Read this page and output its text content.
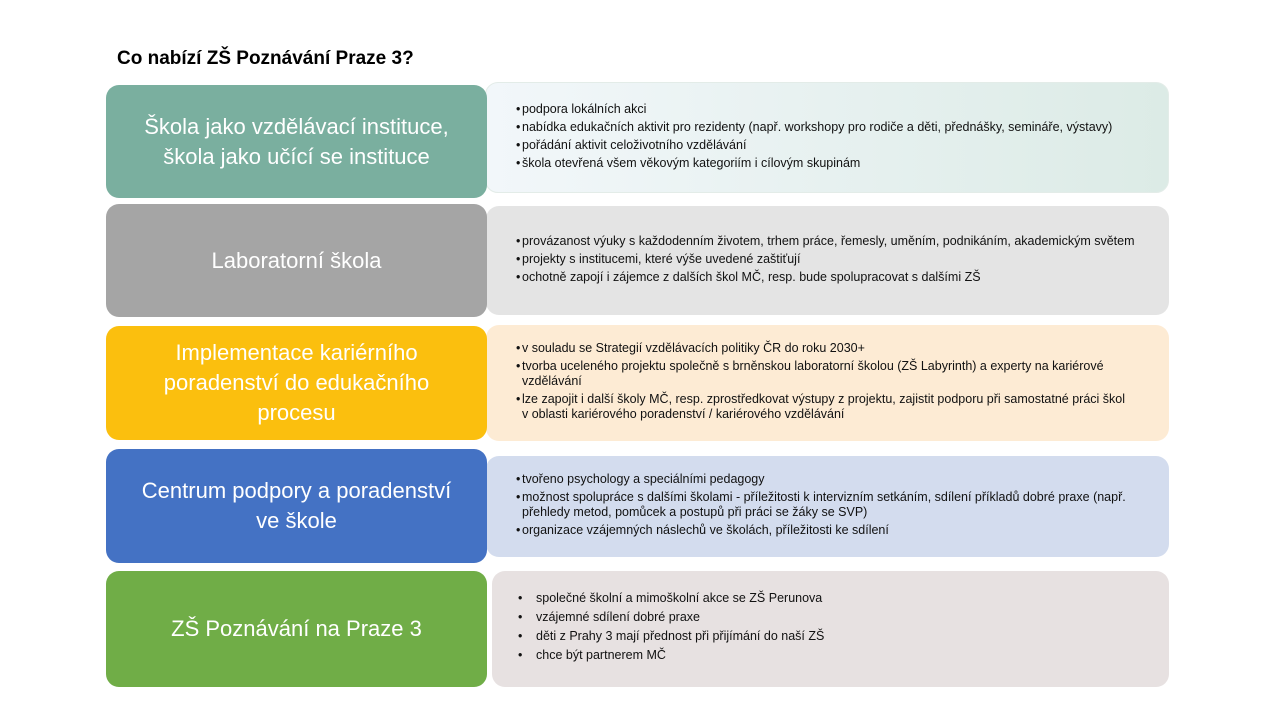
Co nabízí ZŠ Poznávání Praze 3?
Škola jako vzdělávací instituce, škola jako učící se instituce
• podpora lokálních akci
• nabídka edukačních aktivit pro rezidenty (např. workshopy pro rodiče a děti, přednášky, semináře, výstavy)
• pořádání aktivit celoživotního vzdělávání
• škola otevřená všem věkovým kategoriím i cílovým skupinám
Laboratorní škola
• provázanost výuky s každodenním životem, trhem práce, řemesly, uměním, podnikáním, akademickým světem
• projekty s institucemi, které výše uvedené zaštiťují
• ochotně zapojí i zájemce z dalších škol MČ, resp. bude spolupracovat s dalšími ZŠ
Implementace kariérního poradenství do edukačního procesu
• v souladu se Strategií vzdělávacích politiky ČR do roku 2030+
• tvorba uceleného projektu společně s brněnskou laboratorní školou (ZŠ Labyrinth) a experty na kariérové vzdělávání
• lze zapojit i další školy MČ, resp. zprostředkovat výstupy z projektu, zajistit podporu při samostatné práci škol v oblasti kariérového poradenství / kariérového vzdělávání
Centrum podpory a poradenství ve škole
• tvořeno psychology a speciálními pedagogy
• možnost spolupráce s dalšími školami - příležitosti k intervizním setkáním, sdílení příkladů dobré praxe (např. přehledy metod, pomůcek a postupů při práci se žáky se SVP)
• organizace vzájemných náslechů ve školách, příležitosti ke sdílení
ZŠ Poznávání na Praze 3
• společné školní a mimoškolní akce se ZŠ Perunova
• vzájemné sdílení dobré praxe
• děti z Prahy 3 mají přednost při přijímání do naší ZŠ
• chce být partnerem MČ
